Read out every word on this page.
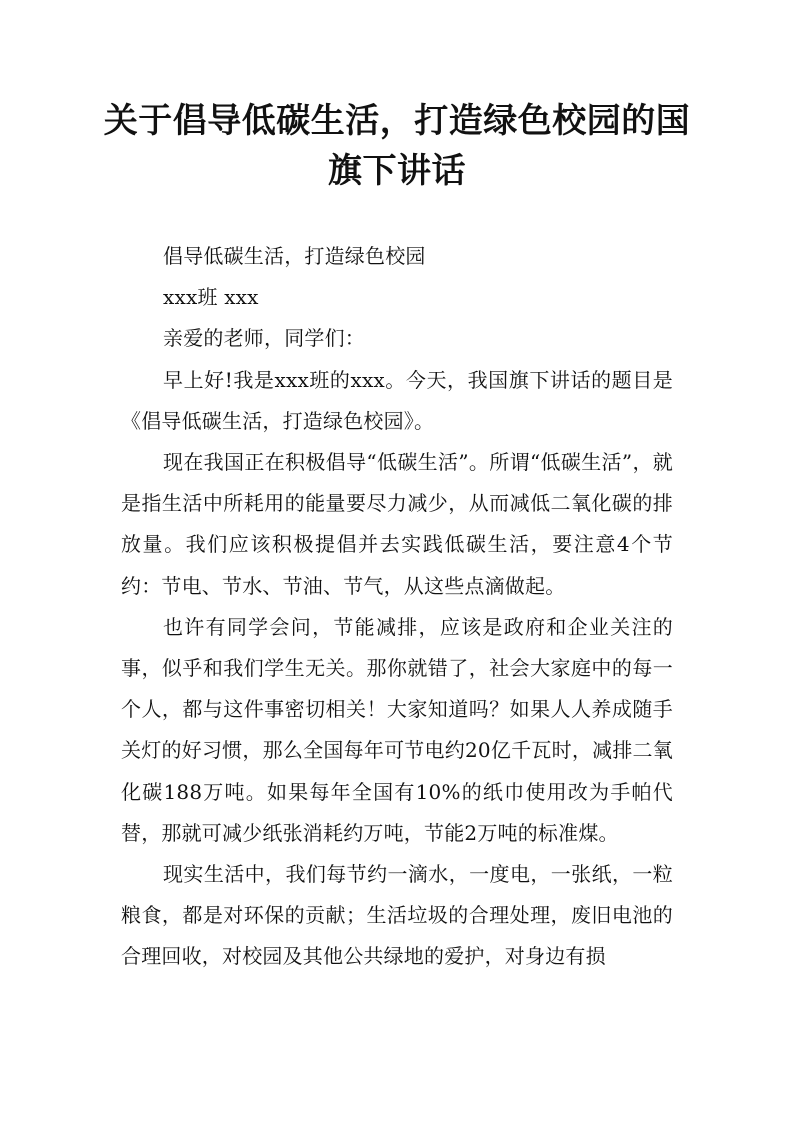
关于倡导低碳生活，打造绿色校园的国
旗下讲话

倡导低碳生活，打造绿色校园

xxx班 xxx

亲爱的老师，同学们：

早上好!我是xxx班的xxx。今天，我国旗下讲话的题目是《倡导低碳生活，打造绿色校园》。

现在我国正在积极倡导“低碳生活”。所谓“低碳生活”，就是指生活中所耗用的能量要尽力减少，从而减低二氧化碳的排放量。我们应该积极提倡并去实践低碳生活，要注意4个节约：节电、节水、节油、节气，从这些点滴做起。

也许有同学会问，节能减排，应该是政府和企业关注的事，似乎和我们学生无关。那你就错了，社会大家庭中的每一个人，都与这件事密切相关！大家知道吗？如果人人养成随手关灯的好习惯，那么全国每年可节电约20亿千瓦时，减排二氧化碳188万吨。如果每年全国有10%的纸巾使用改为手帕代替，那就可减少纸张消耗约万吨，节能2万吨的标准煤。

现实生活中，我们每节约一滴水，一度电，一张纸，一粒粮食，都是对环保的贡献；生活垃圾的合理处理，废旧电池的合理回收，对校园及其他公共绿地的爱护，对身边有损
